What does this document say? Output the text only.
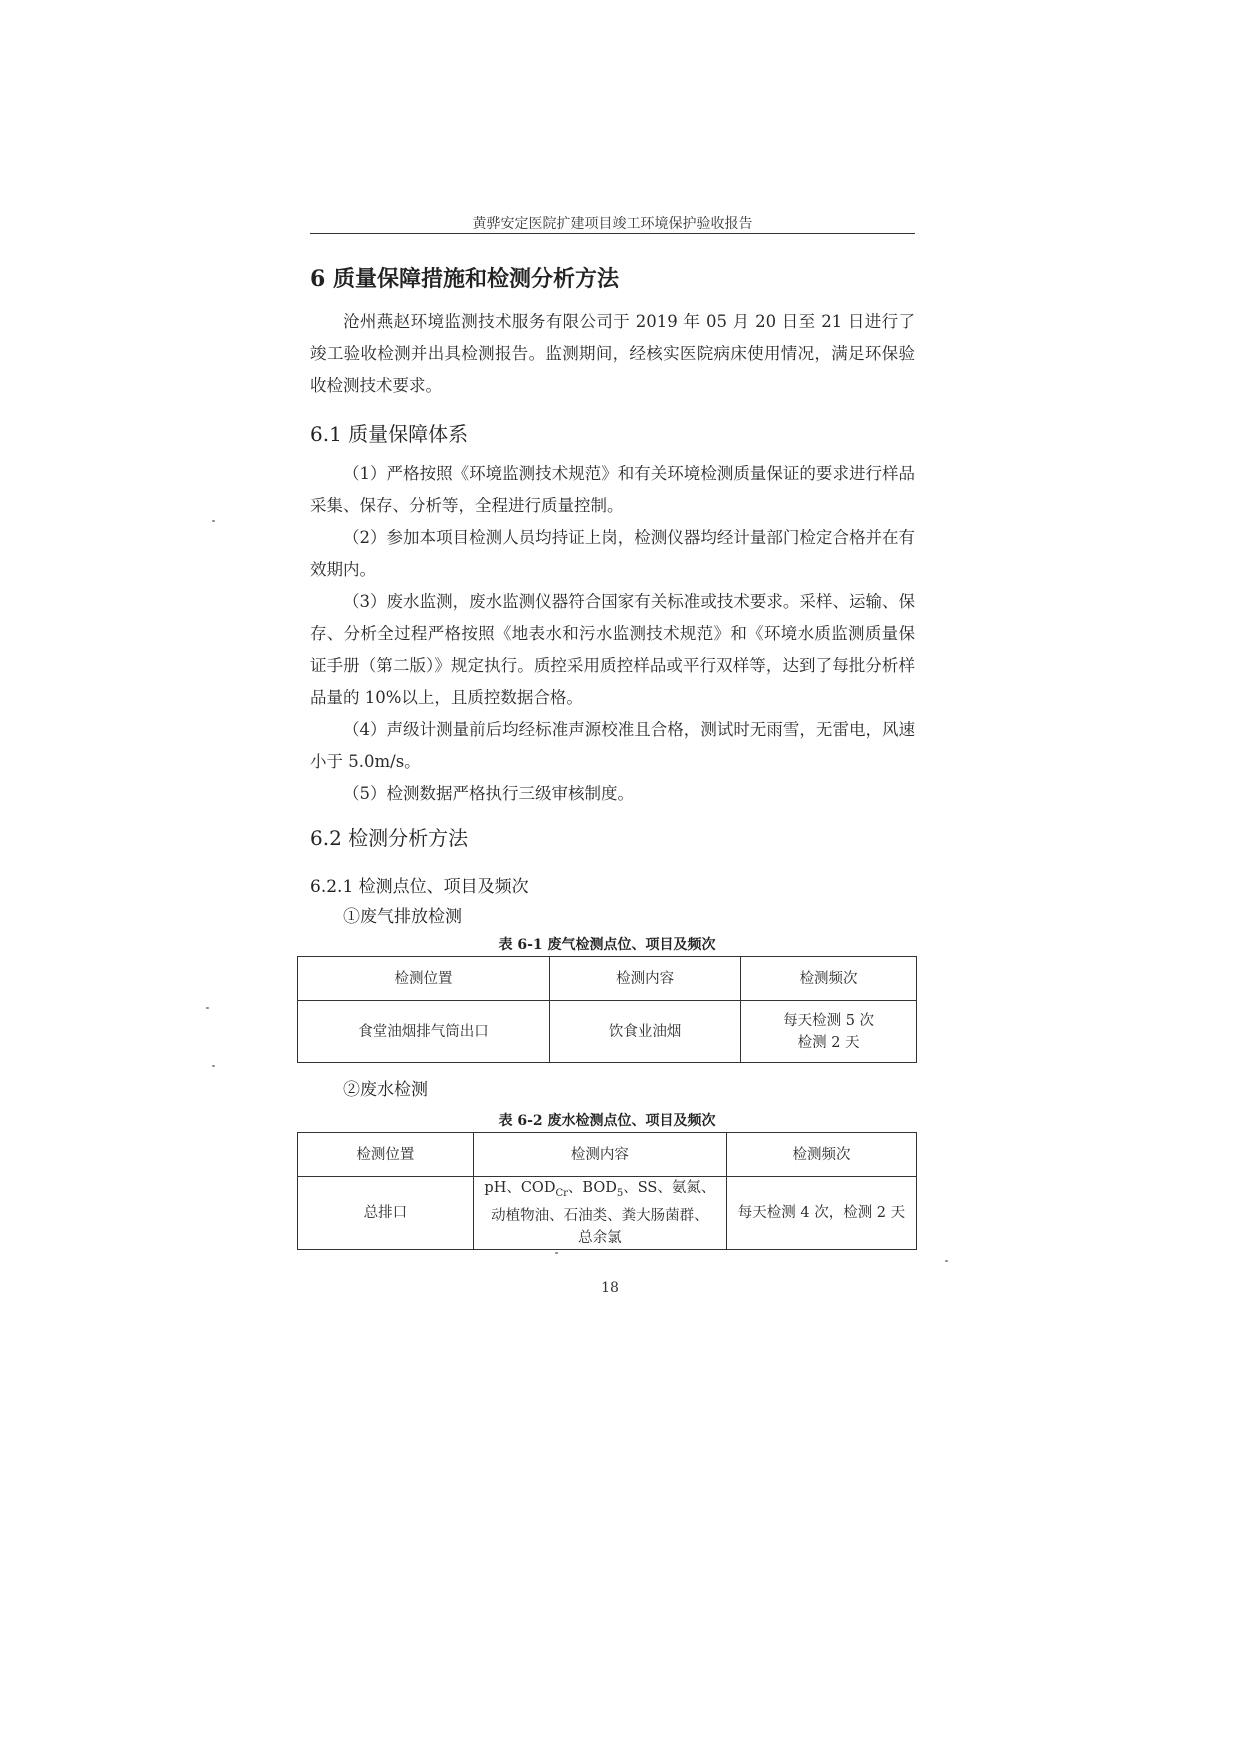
黄骅安定医院扩建项目竣工环境保护验收报告
6 质量保障措施和检测分析方法

沧州燕赵环境监测技术服务有限公司于 2019 年 05 月 20 日至 21 日进行了竣工验收检测并出具检测报告。监测期间，经核实医院病床使用情况，满足环保验收检测技术要求。

6.1 质量保障体系

（1）严格按照《环境监测技术规范》和有关环境检测质量保证的要求进行样品采集、保存、分析等，全程进行质量控制。

（2）参加本项目检测人员均持证上岗，检测仪器均经计量部门检定合格并在有效期内。

（3）废水监测，废水监测仪器符合国家有关标准或技术要求。采样、运输、保存、分析全过程严格按照《地表水和污水监测技术规范》和《环境水质监测质量保证手册（第二版）》规定执行。质控采用质控样品或平行双样等，达到了每批分析样品量的 10%以上，且质控数据合格。

（4）声级计测量前后均经标准声源校准且合格，测试时无雨雪，无雷电，风速小于 5.0m/s。

（5）检测数据严格执行三级审核制度。

6.2 检测分析方法
6.2.1 检测点位、项目及频次
①废气排放检测
表 6-1 废气检测点位、项目及频次
检测位置	检测内容	检测频次
食堂油烟排气筒出口	饮食业油烟	每天检测 5 次
检测 2 天
②废水检测
表 6-2 废水检测点位、项目及频次
检测位置	检测内容	检测频次
总排口	pH、$COD_{Cr}$、$BOD_5$、SS、氨氮、
动植物油、石油类、粪大肠菌群、
总余氯	每天检测 4 次，检测 2 天
18
